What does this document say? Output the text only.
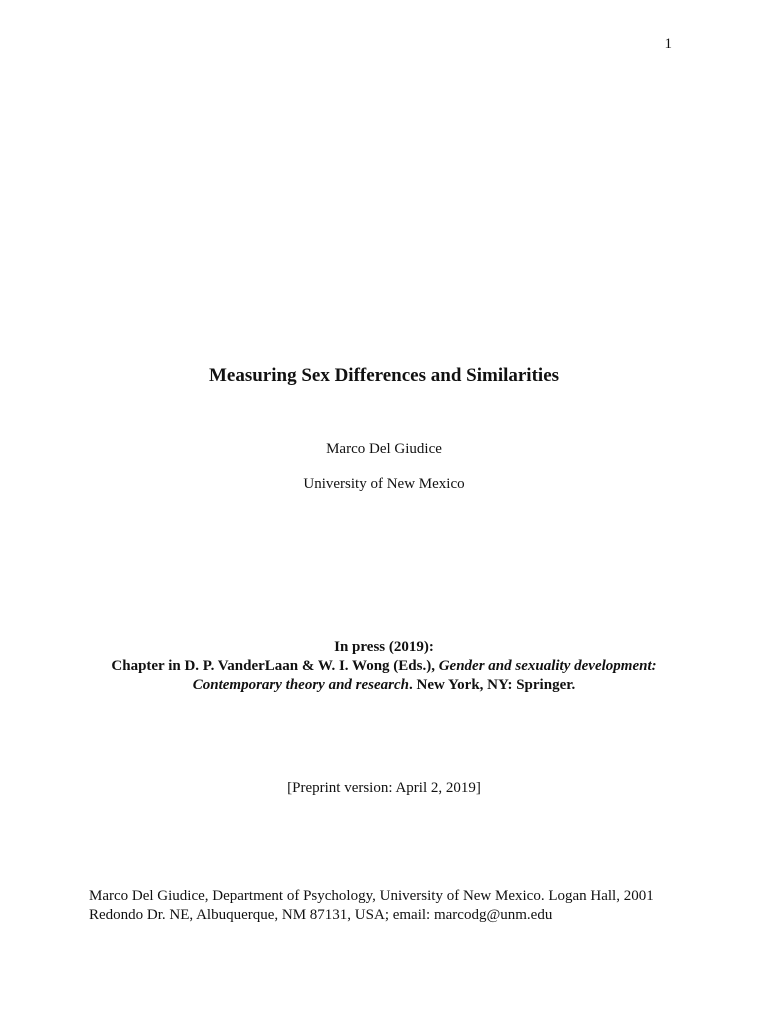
1
Measuring Sex Differences and Similarities
Marco Del Giudice
University of New Mexico
In press (2019):
Chapter in D. P. VanderLaan & W. I. Wong (Eds.), Gender and sexuality development:
Contemporary theory and research. New York, NY: Springer.
[Preprint version: April 2, 2019]
Marco Del Giudice, Department of Psychology, University of New Mexico. Logan Hall, 2001
Redondo Dr. NE, Albuquerque, NM 87131, USA; email: marcodg@unm.edu
